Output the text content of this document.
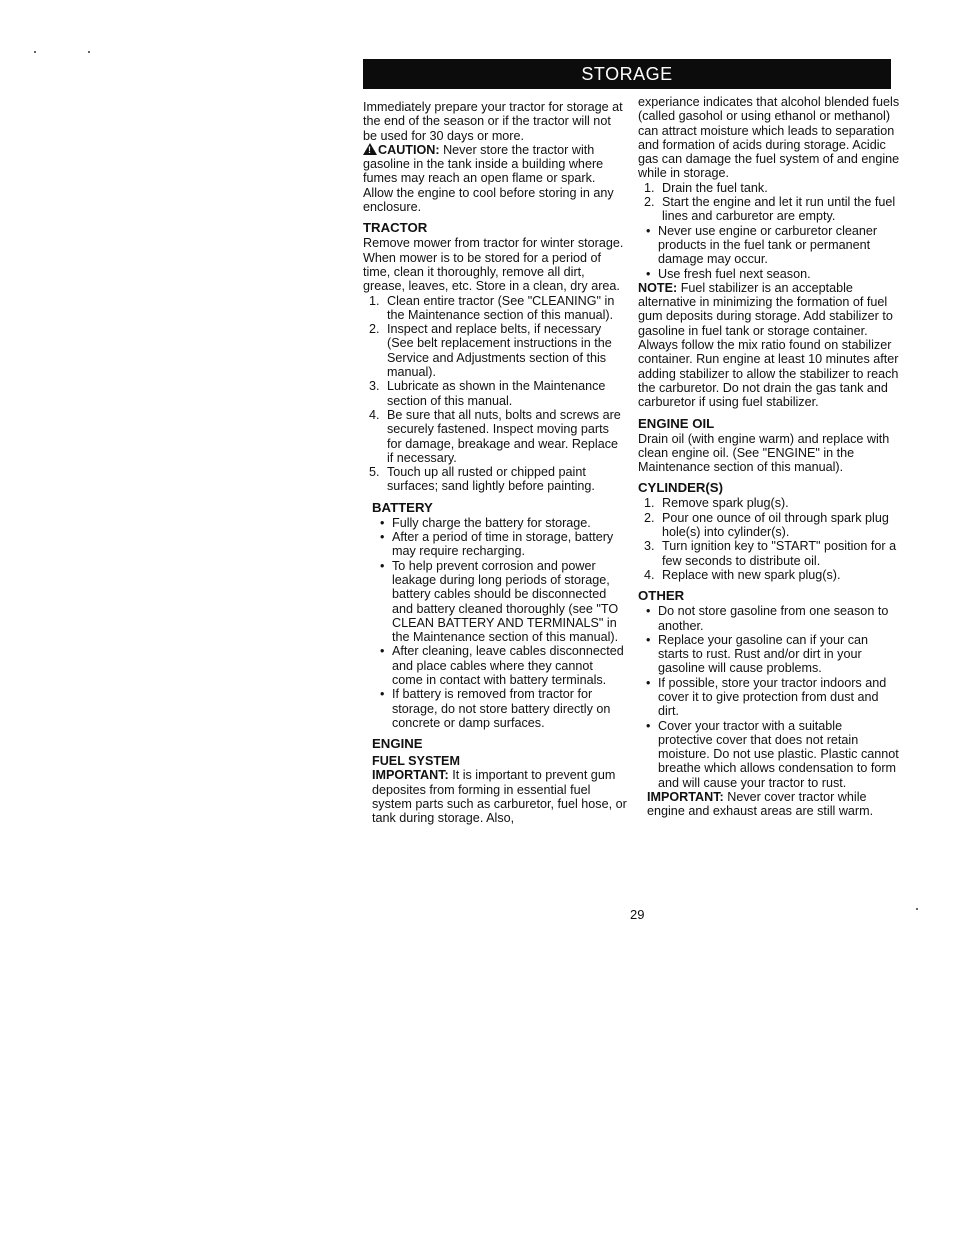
STORAGE

Immediately prepare your tractor for storage at the end of the season or if the tractor will not be used for 30 days or more.

!CAUTION: Never store the tractor with gasoline in the tank inside a building where fumes may reach an open flame or spark. Allow the engine to cool before storing in any enclosure.

TRACTOR

Remove mower from tractor for winter storage. When mower is to be stored for a period of time, clean it thoroughly, remove all dirt, grease, leaves, etc. Store in a clean, dry area.

1. Clean entire tractor (See "CLEANING" in the Maintenance section of this manual).
2. Inspect and replace belts, if necessary (See belt replacement instructions in the Service and Adjustments section of this manual).
3. Lubricate as shown in the Maintenance section of this manual.
4. Be sure that all nuts, bolts and screws are securely fastened. Inspect moving parts for damage, breakage and wear. Replace if necessary.
5. Touch up all rusted or chipped paint surfaces; sand lightly before painting.
BATTERY
• Fully charge the battery for storage.
• After a period of time in storage, battery may require recharging.
• To help prevent corrosion and power leakage during long periods of storage, battery cables should be disconnected and battery cleaned thoroughly (see "TO CLEAN BATTERY AND TERMINALS" in the Maintenance section of this manual).
• After cleaning, leave cables disconnected and place cables where they cannot come in contact with battery terminals.
• If battery is removed from tractor for storage, do not store battery directly on concrete or damp surfaces.
ENGINE
FUEL SYSTEM

IMPORTANT: It is important to prevent gum deposites from forming in essential fuel system parts such as carburetor, fuel hose, or tank during storage. Also,

experiance indicates that alcohol blended fuels (called gasohol or using ethanol or methanol) can attract moisture which leads to separation and formation of acids during storage. Acidic gas can damage the fuel system of and engine while in storage.

1. Drain the fuel tank.
2. Start the engine and let it run until the fuel lines and carburetor are empty.
• Never use engine or carburetor cleaner products in the fuel tank or permanent damage may occur.
• Use fresh fuel next season.

NOTE: Fuel stabilizer is an acceptable alternative in minimizing the formation of fuel gum deposits during storage. Add stabilizer to gasoline in fuel tank or storage container. Always follow the mix ratio found on stabilizer container. Run engine at least 10 minutes after adding stabilizer to allow the stabilizer to reach the carburetor. Do not drain the gas tank and carburetor if using fuel stabilizer.

ENGINE OIL

Drain oil (with engine warm) and replace with clean engine oil. (See "ENGINE" in the Maintenance section of this manual).

CYLINDER(S)
1. Remove spark plug(s).
2. Pour one ounce of oil through spark plug hole(s) into cylinder(s).
3. Turn ignition key to "START" position for a few seconds to distribute oil.
4. Replace with new spark plug(s).
OTHER
• Do not store gasoline from one season to another.
• Replace your gasoline can if your can starts to rust. Rust and/or dirt in your gasoline will cause problems.
• If possible, store your tractor indoors and cover it to give protection from dust and dirt.
• Cover your tractor with a suitable protective cover that does not retain moisture. Do not use plastic. Plastic cannot breathe which allows condensation to form and will cause your tractor to rust.

IMPORTANT: Never cover tractor while engine and exhaust areas are still warm.

29
